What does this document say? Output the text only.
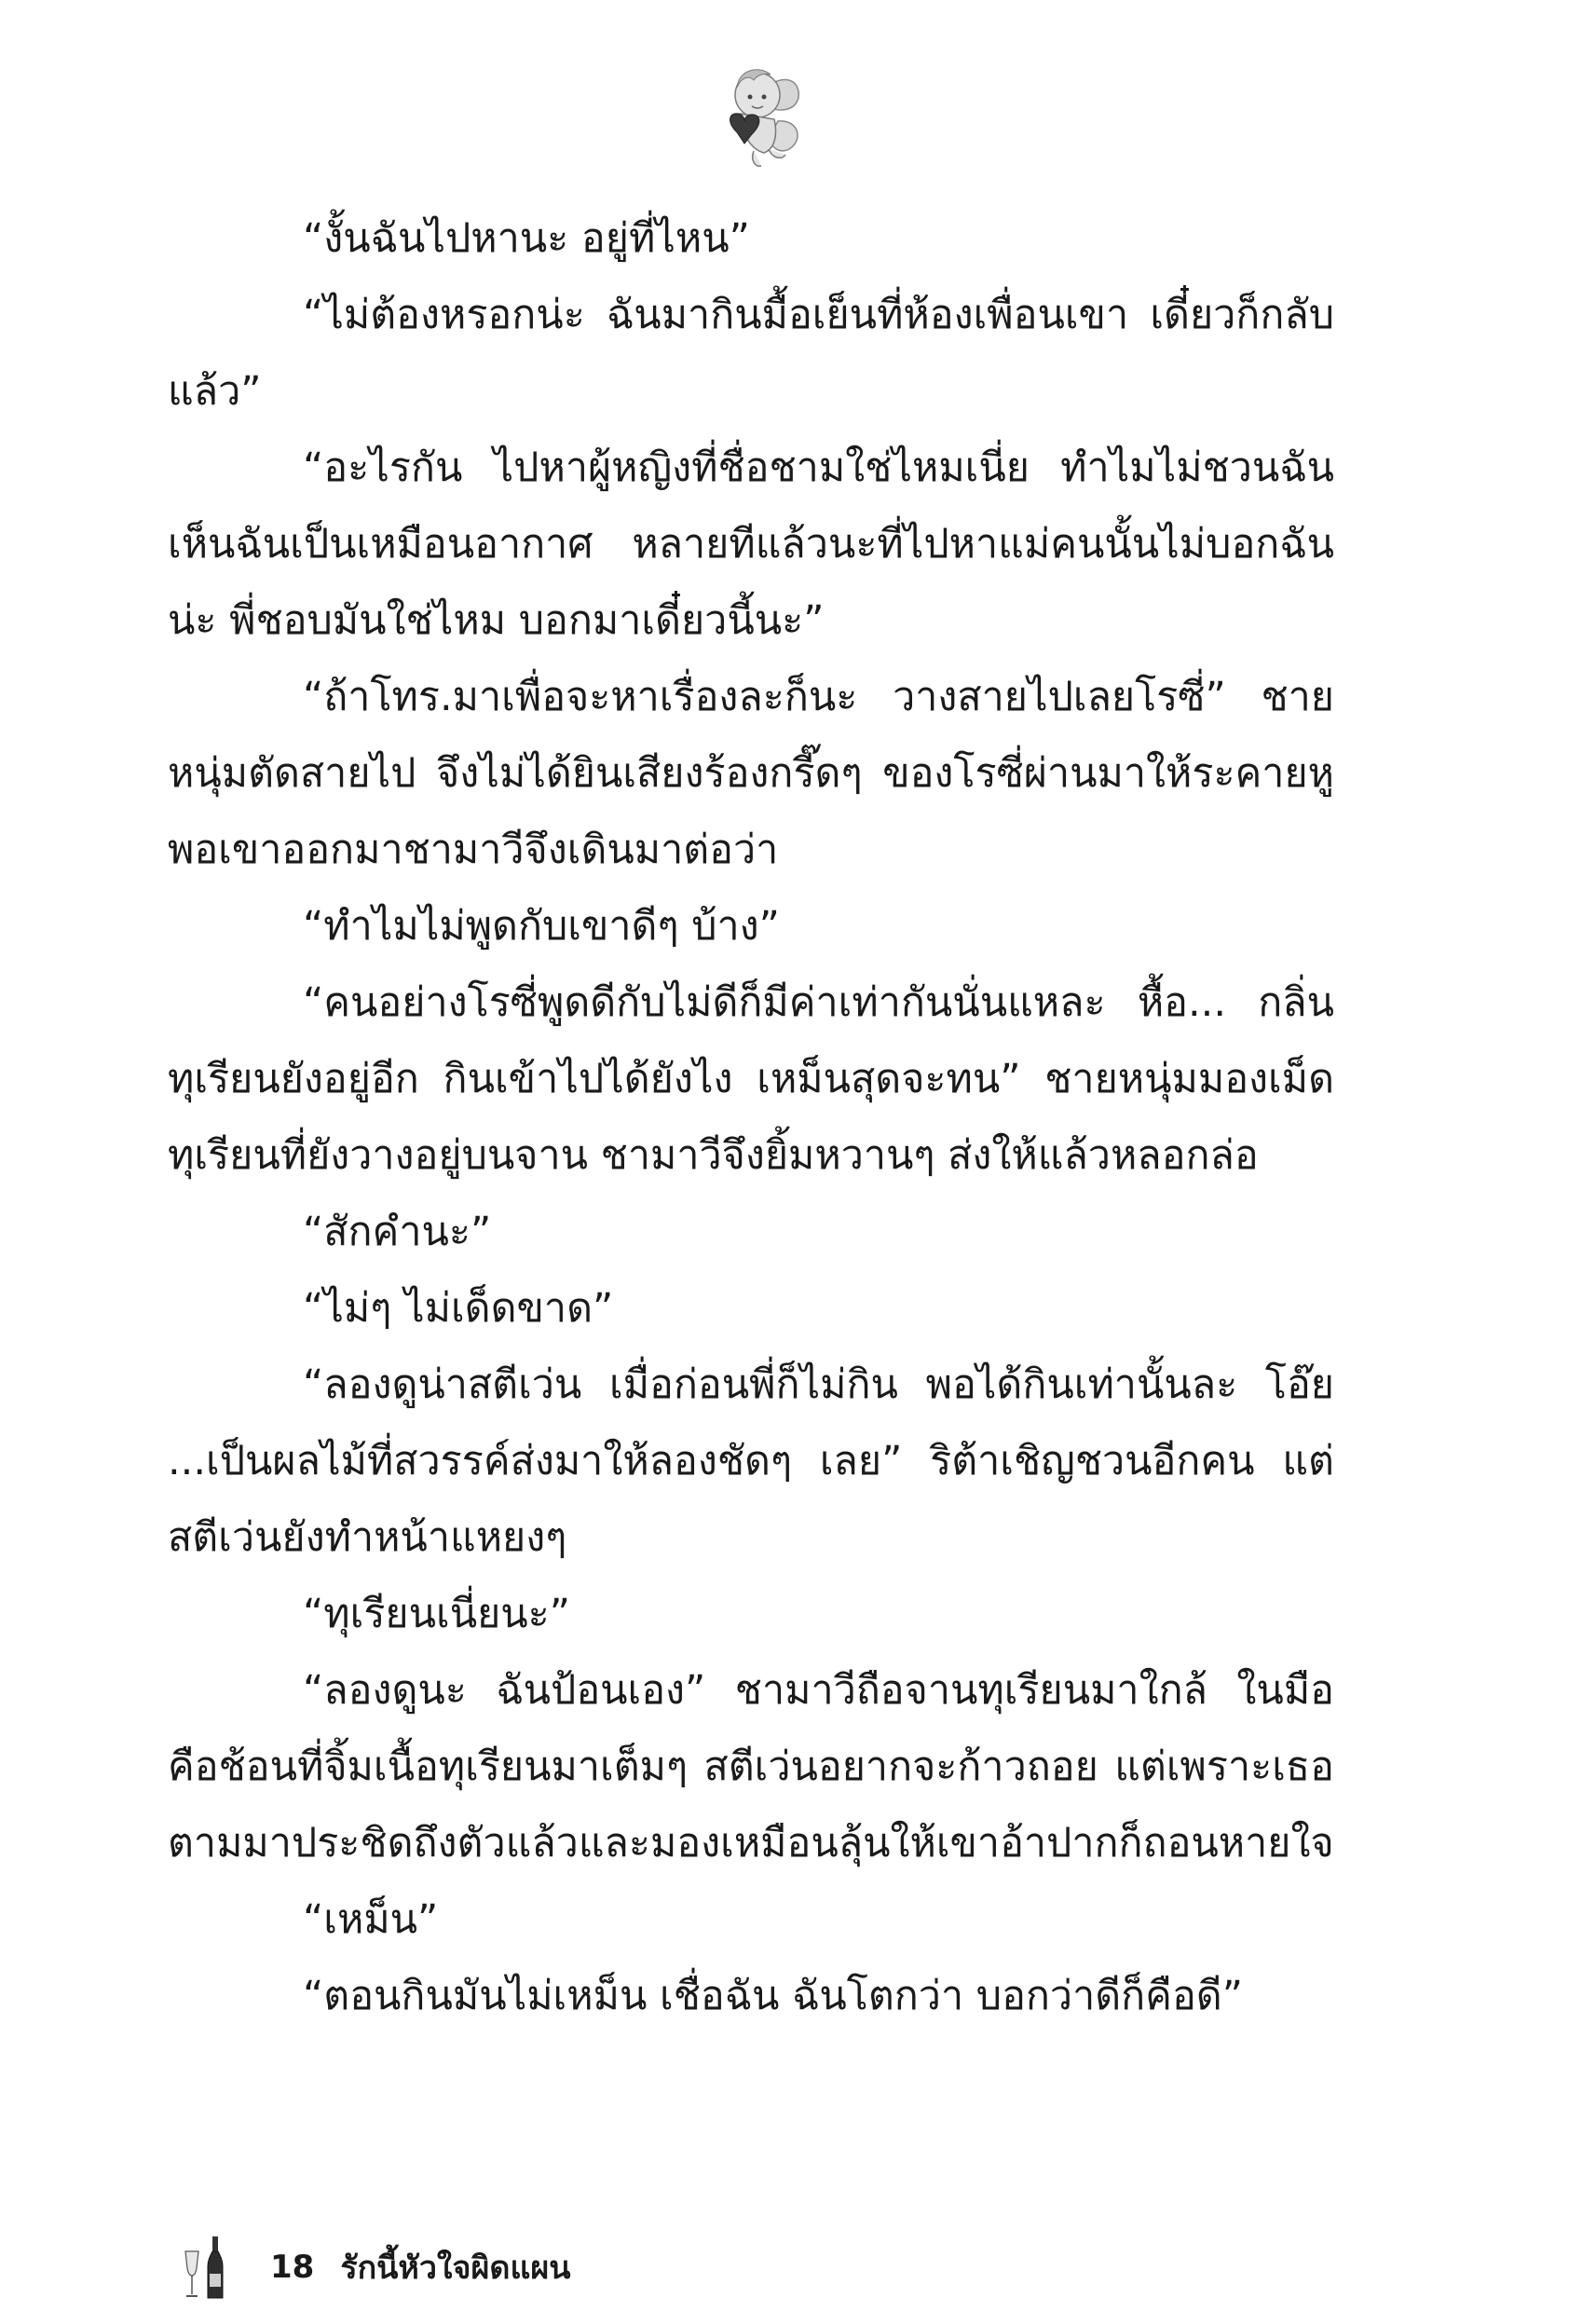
“งั้นฉันไปหานะ อยู่ที่ไหน”

“ไม่ต้องหรอกน่ะ ฉันมากินมื้อเย็นที่ห้องเพื่อนเขา เดี๋ยวก็กลับแล้ว”

“อะไรกัน ไปหาผู้หญิงที่ชื่อชามใช่ไหมเนี่ย ทำไมไม่ชวนฉัน เห็นฉันเป็นเหมือนอากาศ หลายทีแล้วนะที่ไปหาแม่คนนั้นไม่บอกฉันน่ะ พี่ชอบมันใช่ไหม บอกมาเดี๋ยวนี้นะ”

“ถ้าโทร.มาเพื่อจะหาเรื่องละก็นะ วางสายไปเลยโรซี่” ชายหนุ่มตัดสายไป จึงไม่ได้ยินเสียงร้องกรี๊ดๆ ของโรซี่ผ่านมาให้ระคายหู พอเขาออกมาชามาวีจึงเดินมาต่อว่า

“ทำไมไม่พูดกับเขาดีๆ บ้าง”

“คนอย่างโรซี่พูดดีกับไม่ดีก็มีค่าเท่ากันนั่นแหละ หื้อ... กลิ่นทุเรียนยังอยู่อีก กินเข้าไปได้ยังไง เหม็นสุดจะทน” ชายหนุ่มมองเม็ดทุเรียนที่ยังวางอยู่บนจาน ชามาวีจึงยิ้มหวานๆ ส่งให้แล้วหลอกล่อ

“สักคำนะ”

“ไม่ๆ ไม่เด็ดขาด”

“ลองดูน่าสตีเว่น เมื่อก่อนพี่ก็ไม่กิน พอได้กินเท่านั้นละ โอ๊ย ...เป็นผลไม้ที่สวรรค์ส่งมาให้ลองชัดๆ เลย” ริต้าเชิญชวนอีกคน แต่สตีเว่นยังทำหน้าแหยงๆ

“ทุเรียนเนี่ยนะ”

“ลองดูนะ ฉันป้อนเอง” ชามาวีถือจานทุเรียนมาใกล้ ในมือคือช้อนที่จิ้มเนื้อทุเรียนมาเต็มๆ สตีเว่นอยากจะก้าวถอย แต่เพราะเธอตามมาประชิดถึงตัวแล้วและมองเหมือนลุ้นให้เขาอ้าปากก็ถอนหายใจ

“เหม็น”

“ตอนกินมันไม่เหม็น เชื่อฉัน ฉันโตกว่า บอกว่าดีก็คือดี”

18 รักนี้หัวใจผิดแผน
